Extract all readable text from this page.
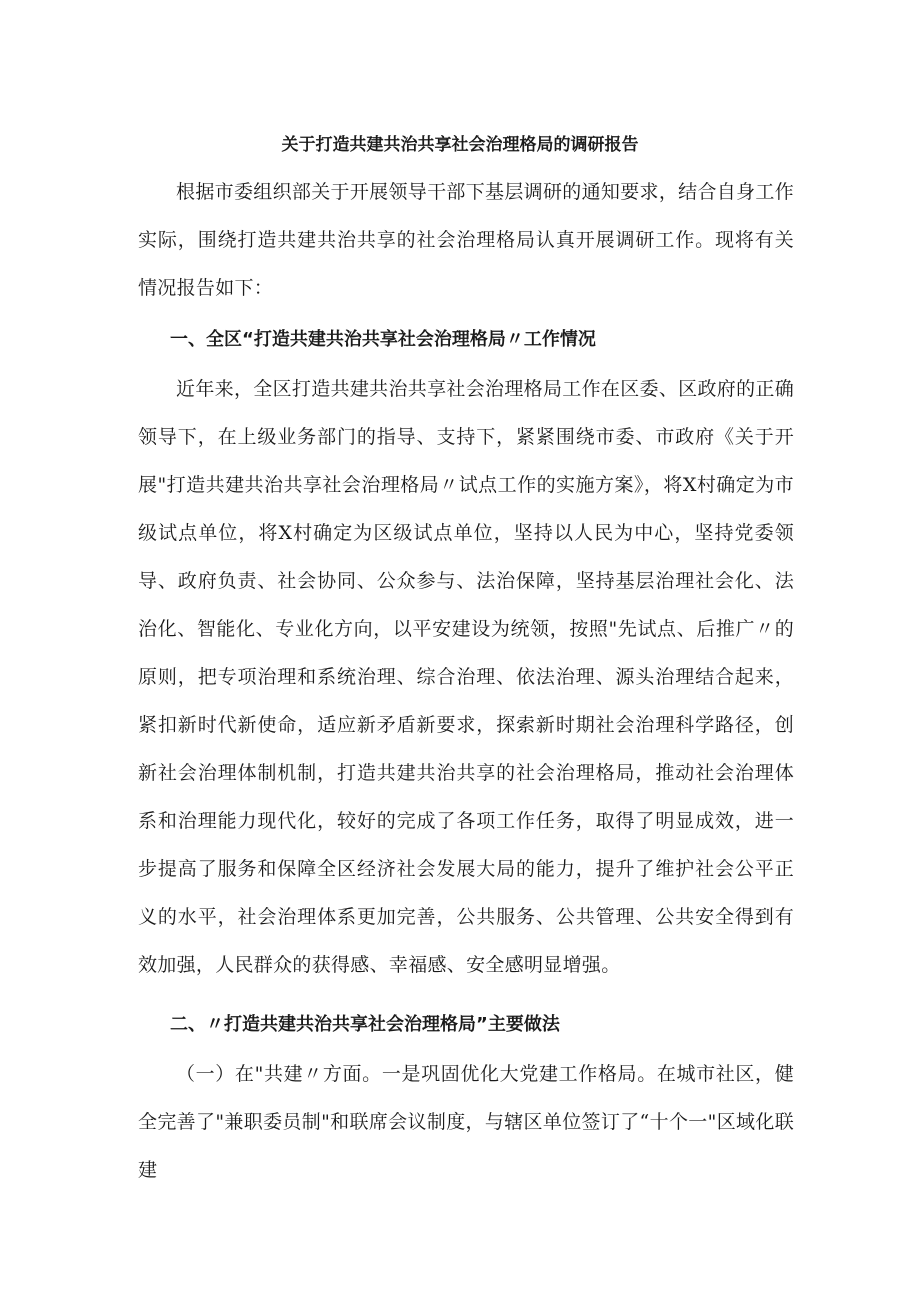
关于打造共建共治共享社会治理格局的调研报告

根据市委组织部关于开展领导干部下基层调研的通知要求，结合自身工作实际，围绕打造共建共治共享的社会治理格局认真开展调研工作。现将有关情况报告如下：

一、全区“打造共建共治共享社会治理格局〃工作情况

近年来，全区打造共建共治共享社会治理格局工作在区委、区政府的正确领导下，在上级业务部门的指导、支持下，紧紧围绕市委、市政府《关于开展"打造共建共治共享社会治理格局〃试点工作的实施方案》，将X村确定为市级试点单位，将X村确定为区级试点单位，坚持以人民为中心，坚持党委领导、政府负责、社会协同、公众参与、法治保障，坚持基层治理社会化、法治化、智能化、专业化方向，以平安建设为统领，按照"先试点、后推广〃的原则，把专项治理和系统治理、综合治理、依法治理、源头治理结合起来，紧扣新时代新使命，适应新矛盾新要求，探索新时期社会治理科学路径，创新社会治理体制机制，打造共建共治共享的社会治理格局，推动社会治理体系和治理能力现代化，较好的完成了各项工作任务，取得了明显成效，进一步提高了服务和保障全区经济社会发展大局的能力，提升了维护社会公平正义的水平，社会治理体系更加完善，公共服务、公共管理、公共安全得到有效加强，人民群众的获得感、幸福感、安全感明显增强。

二、〃打造共建共治共享社会治理格局”主要做法

（一）在"共建〃方面。一是巩固优化大党建工作格局。在城市社区，健全完善了"兼职委员制"和联席会议制度，与辖区单位签订了“十个一"区域化联建
